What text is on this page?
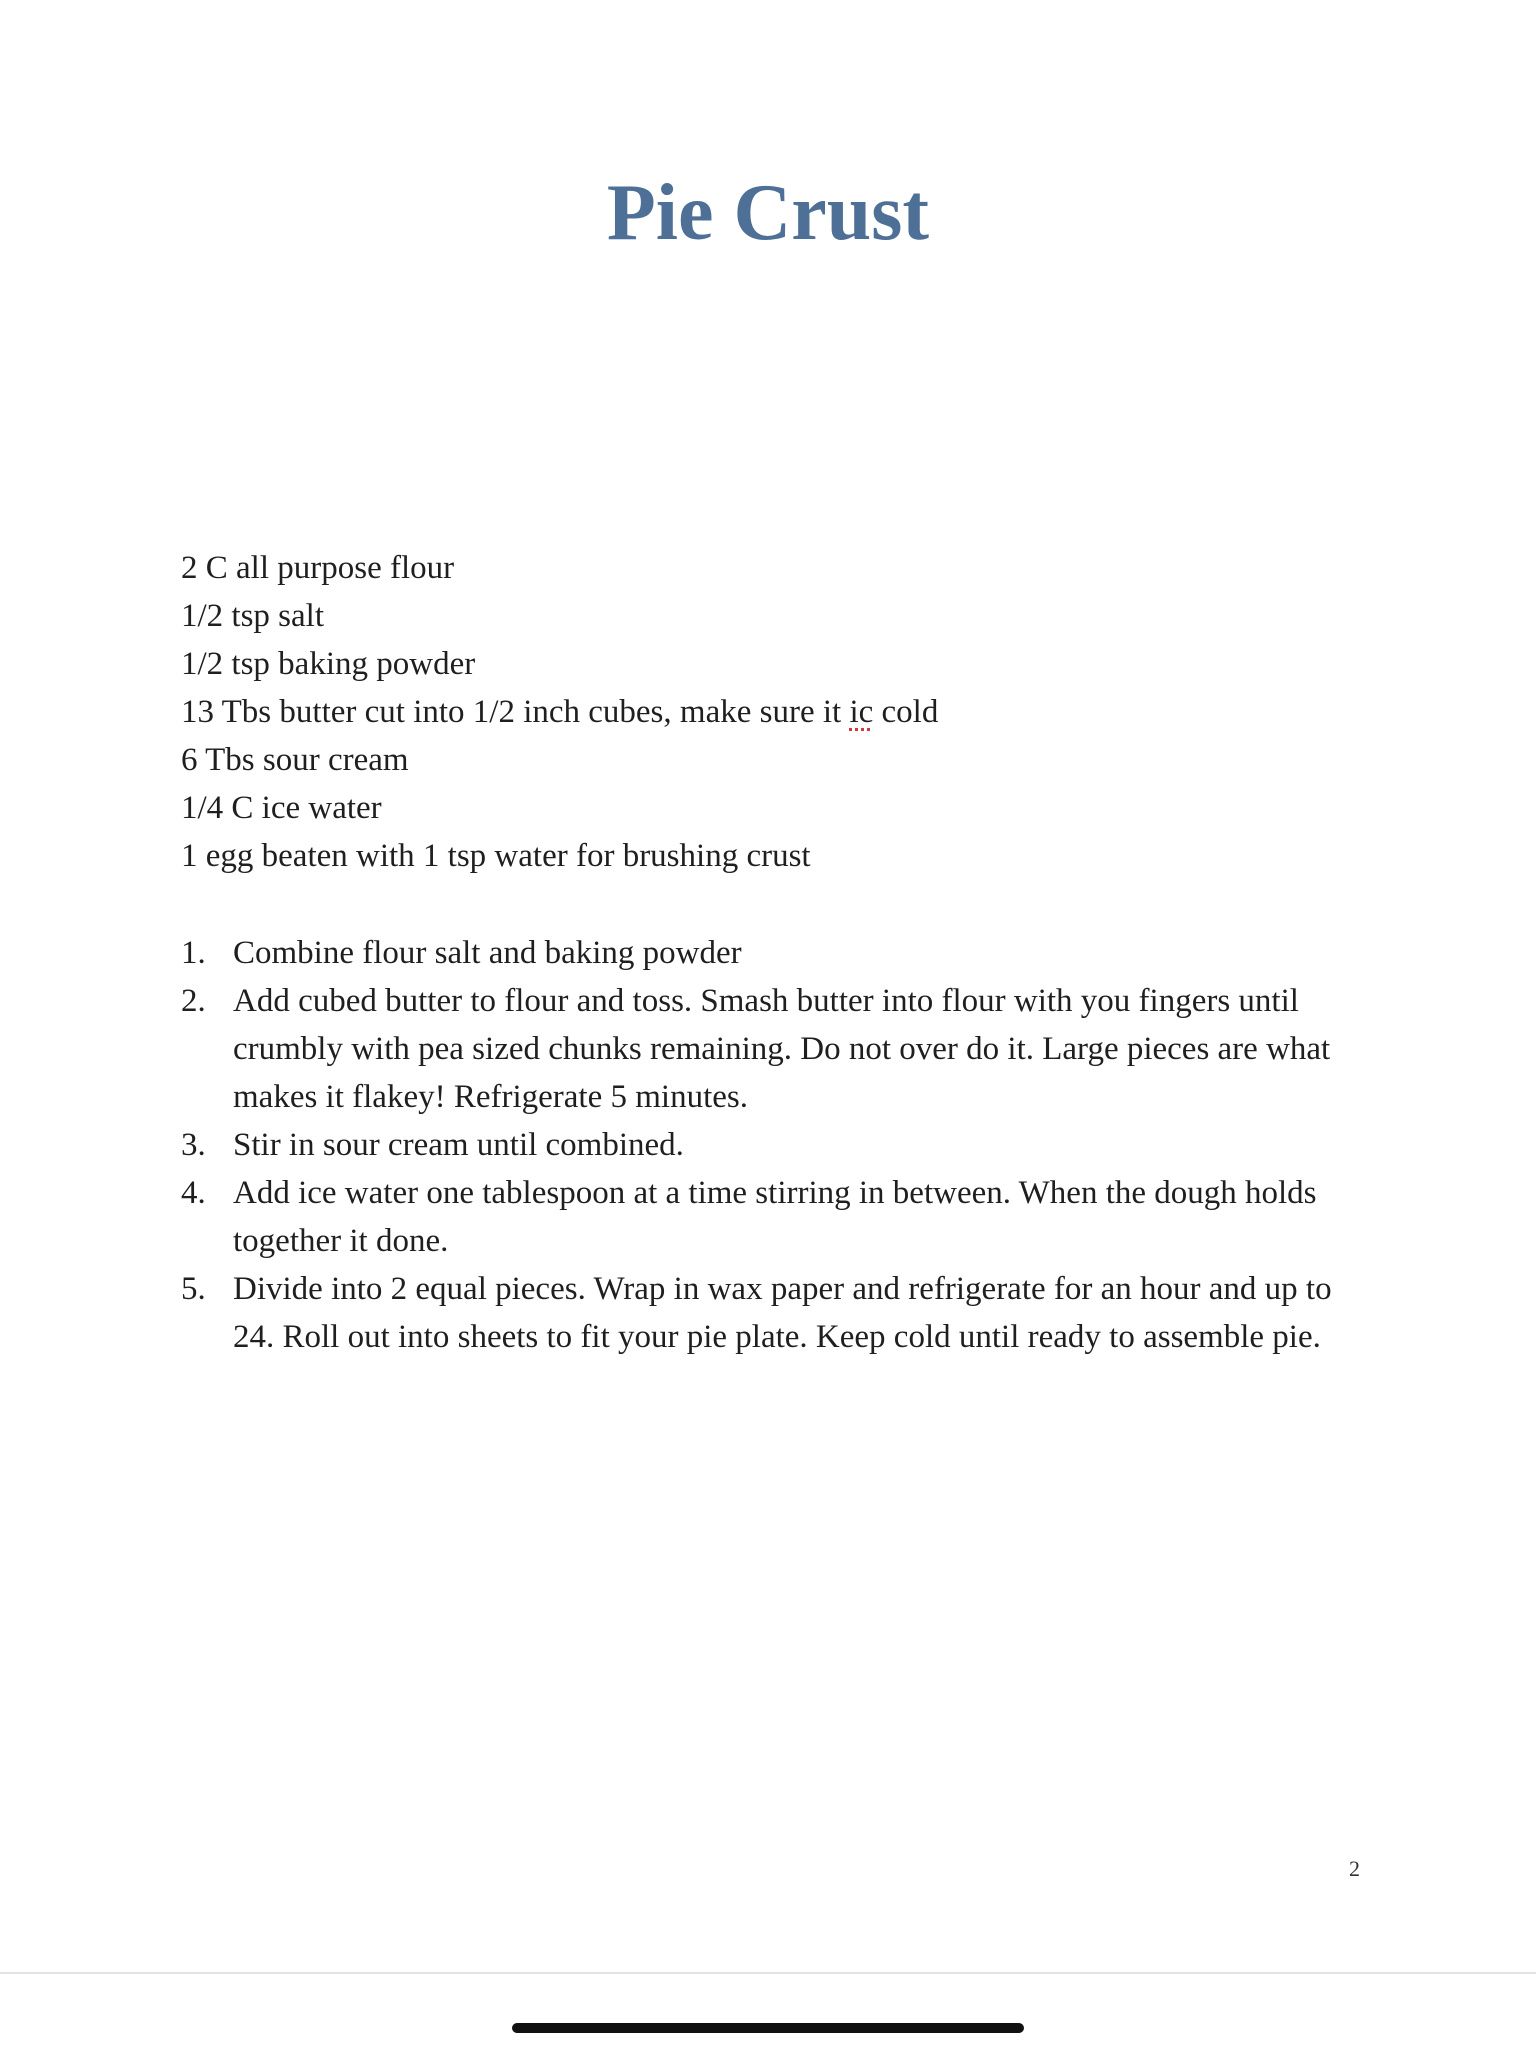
Pie Crust
2 C all purpose flour
1/2 tsp salt
1/2 tsp baking powder
13 Tbs butter cut into 1/2 inch cubes, make sure it ic cold
6 Tbs sour cream
1/4 C ice water
1 egg beaten with 1 tsp water for brushing crust
1. Combine flour salt and baking powder
2. Add cubed butter to flour and toss. Smash butter into flour with you fingers until crumbly with pea sized chunks remaining. Do not over do it. Large pieces are what makes it flakey! Refrigerate 5 minutes.
3. Stir in sour cream until combined.
4. Add ice water one tablespoon at a time stirring in between. When the dough holds together it done.
5. Divide into 2 equal pieces. Wrap in wax paper and refrigerate for an hour and up to 24. Roll out into sheets to fit your pie plate. Keep cold until ready to assemble pie.
2
